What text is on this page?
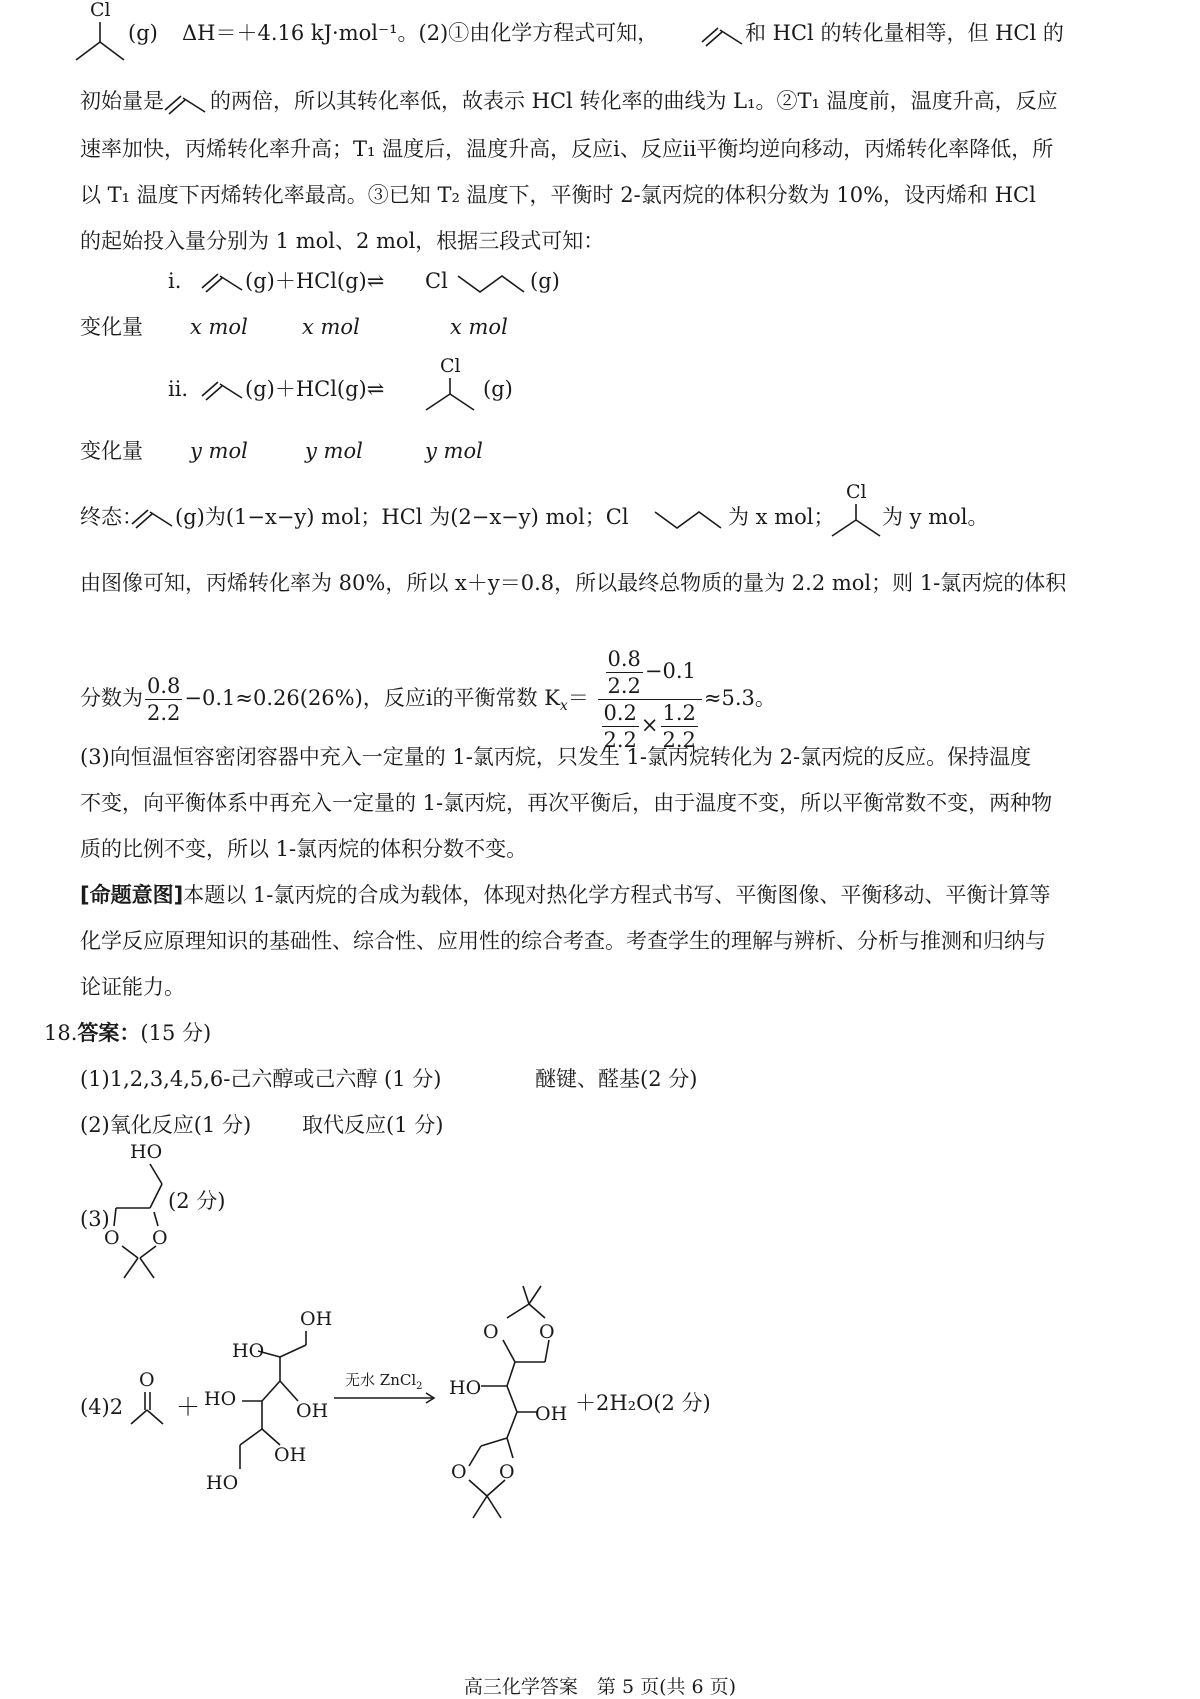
Cl
(g) ΔH＝＋4.16 kJ·mol⁻¹。(2)①由化学方程式可知，	和 HCl 的转化量相等，但 HCl 的
初始量是 的两倍，所以其转化率低，故表示 HCl 转化率的曲线为 L₁。②T₁ 温度前，温度升高，反应
速率加快，丙烯转化率升高；T₁ 温度后，温度升高，反应ⅰ、反应ⅱ平衡均逆向移动，丙烯转化率降低，所
以 T₁ 温度下丙烯转化率最高。③已知 T₂ 温度下，平衡时 2-氯丙烷的体积分数为 10%，设丙烯和 HCl
的起始投入量分别为 1 mol、2 mol，根据三段式可知：
ⅰ.	(g)＋HCl(g)⇌ Cl	(g)
变化量 x mol	x mol	x mol
ⅱ.	(g)＋HCl(g)⇌
Cl
(g)
变化量 y mol	y mol	y mol
终态： (g)为(1−x−y) mol；HCl 为(2−x−y) mol；Cl	为 x mol；
Cl
为 y mol。
由图像可知，丙烯转化率为 80%，所以 x＋y＝0.8，所以最终总物质的量为 2.2 mol；则 1-氯丙烷的体积
分数为 $\frac{0.8}{2.2} -0.1\approx 0.26(26\%)$，反应ⅰ的平衡常数 $K_x= \frac{\frac{0.8}{2.2} -0.1}{\frac{0.2}{2.2} \times \frac{1.2}{2.2}} \approx 5.3$。
(3)向恒温恒容密闭容器中充入一定量的 1-氯丙烷，只发生 1-氯丙烷转化为 2-氯丙烷的反应。保持温度
不变，向平衡体系中再充入一定量的 1-氯丙烷，再次平衡后，由于温度不变，所以平衡常数不变，两种物
质的比例不变，所以 1-氯丙烷的体积分数不变。
[命题意图]本题以 1-氯丙烷的合成为载体，体现对热化学方程式书写、平衡图像、平衡移动、平衡计算等
化学反应原理知识的基础性、综合性、应用性的综合考查。考查学生的理解与辨析、分析与推测和归纳与
论证能力。
18.答案：(15 分)
(1)1,2,3,4,5,6-己六醇或己六醇 (1 分)	醚键、醛基(2 分)
(2)氧化反应(1 分) 取代反应(1 分)
(3)
HO
O O
(2 分)
(4)2
O
＋
OH
HO
OH
HO
OH
HO
无水 ZnCl$_2$
O O
HO
OH
O O
＋2H₂O(2 分)
高三化学答案　第 5 页(共 6 页)
